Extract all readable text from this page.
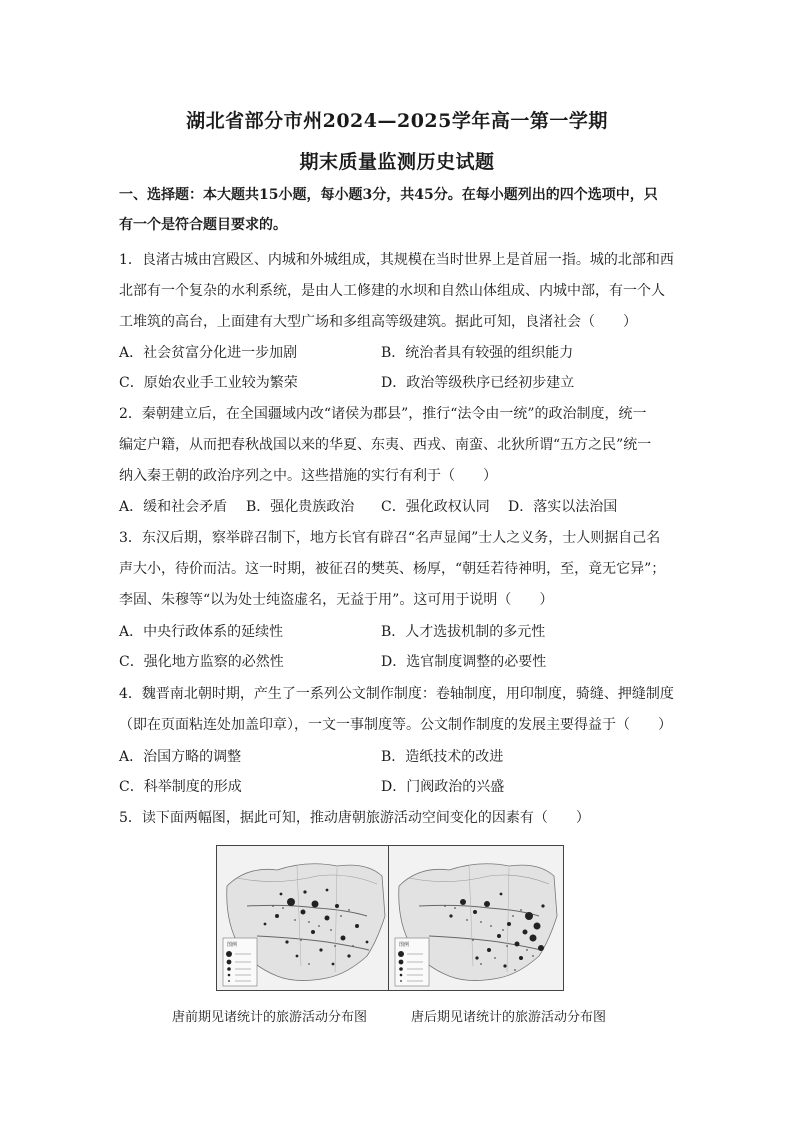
湖北省部分市州2024—2025学年高一第一学期
期末质量监测历史试题
一、选择题：本大题共15小题，每小题3分，共45分。在每小题列出的四个选项中，只
有一个是符合题目要求的。
1．良渚古城由宫殿区、内城和外城组成，其规模在当时世界上是首屈一指。城的北部和西
北部有一个复杂的水利系统，是由人工修建的水坝和自然山体组成、内城中部，有一个人
工堆筑的高台，上面建有大型广场和多组高等级建筑。据此可知，良渚社会（　　）
A．社会贫富分化进一步加剧	B．统治者具有较强的组织能力
C．原始农业手工业较为繁荣	D．政治等级秩序已经初步建立
2．秦朝建立后，在全国疆域内改“诸侯为郡县”，推行“法令由一统”的政治制度，统一
编定户籍，从而把春秋战国以来的华夏、东夷、西戎、南蛮、北狄所谓“五方之民”统一
纳入秦王朝的政治序列之中。这些措施的实行有利于（　　）
A．缓和社会矛盾 B．强化贵族政治 C．强化政权认同 D．落实以法治国
3．东汉后期，察举辟召制下，地方长官有辟召“名声显闻”士人之义务，士人则据自己名
声大小，待价而沽。这一时期，被征召的樊英、杨厚，“朝廷若待神明，至，竟无它异”；
李固、朱穆等“以为处士纯盗虚名，无益于用”。这可用于说明（　　）
A．中央行政体系的延续性	B．人才选拔机制的多元性
C．强化地方监察的必然性	D．选官制度调整的必要性
4．魏晋南北朝时期，产生了一系列公文制作制度：卷轴制度，用印制度，骑缝、押缝制度
（即在页面粘连处加盖印章），一文一事制度等。公文制作制度的发展主要得益于（　　）
A．治国方略的调整	B．造纸技术的改进
C．科举制度的形成	D．门阀政治的兴盛
5．读下面两幅图，据此可知，推动唐朝旅游活动空间变化的因素有（　　）
图例	图例
唐前期见诸统计的旅游活动分布图	唐后期见诸统计的旅游活动分布图
